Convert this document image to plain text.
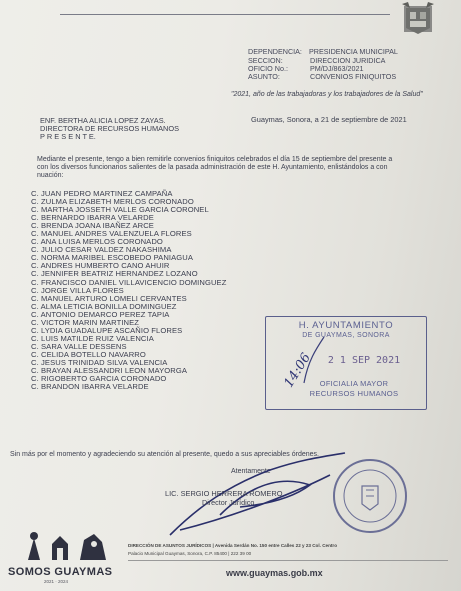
DEPENDENCIA: PRESIDENCIA MUNICIPAL
SECCION:	DIRECCION JURIDICA
OFICIO No.:	PM/DJ/863/2021
ASUNTO:	CONVENIOS FINIQUITOS
"2021, año de las trabajadoras y los trabajadores de la Salud"
Guaymas, Sonora, a 21 de septiembre de 2021
ENF. BERTHA ALICIA LOPEZ ZAYAS.
DIRECTORA DE RECURSOS HUMANOS
P R E S E N T E.
Mediante el presente, tengo a bien remitirle convenios finiquitos celebrados el día 15 de septiembre del presente a
con los diversos funcionarios salientes de la pasada administración de este H. Ayuntamiento, enlistándolos a con
nuación:
C. JUAN PEDRO MARTINEZ CAMPAÑA
C. ZULMA ELIZABETH MERLOS CORONADO
C. MARTHA JOSSETH VALLE GARCIA CORONEL
C. BERNARDO IBARRA VELARDE
C. BRENDA JOANA IBAÑEZ ARCE
C. MANUEL ANDRES VALENZUELA FLORES
C. ANA LUISA MERLOS CORONADO
C. JULIO CESAR VALDEZ NAKASHIMA
C. NORMA MARIBEL ESCOBEDO PANIAGUA
C. ANDRES HUMBERTO CANO AHUIR
C. JENNIFER BEATRIZ HERNANDEZ LOZANO
C. FRANCISCO DANIEL VILLAVICENCIO DOMINGUEZ
C. JORGE VILLA FLORES
C. MANUEL ARTURO LOMELI CERVANTES
C. ALMA LETICIA BONILLA DOMINGUEZ
C. ANTONIO DEMARCO PEREZ TAPIA
C. VICTOR MARIN MARTINEZ
C. LYDIA GUADALUPE ASCAÑIO FLORES
C. LUIS MATILDE RUIZ VALENCIA
C. SARA VALLE DESSENS
C. CELIDA BOTELLO NAVARRO
C. JESUS TRINIDAD SILVA VALENCIA
C. BRAYAN ALESSANDRI LEON MAYORGA
C. RIGOBERTO GARCIA CORONADO
C. BRANDON IBARRA VELARDE
H. AYUNTAMIENTO
DE GUAYMAS, SONORA
2 1 SEP 2021
OFICIALIA MAYOR
RECURSOS HUMANOS
14:06
Sin más por el momento y agradeciendo su atención al presente, quedo a sus apreciables órdenes.
Atentamente
LIC. SERGIO HERRERA ROMERO
Director Jurídico
SOMOS GUAYMAS
2021 · 2024
DIRECCIÓN DE ASUNTOS JURÍDICOS | Avenida Serdán No. 150 entre Calles 22 y 23 Col. Centro
Palacio Municipal Guaymas, Sonora, C.P. 85400 | 222 39 00
www.guaymas.gob.mx
